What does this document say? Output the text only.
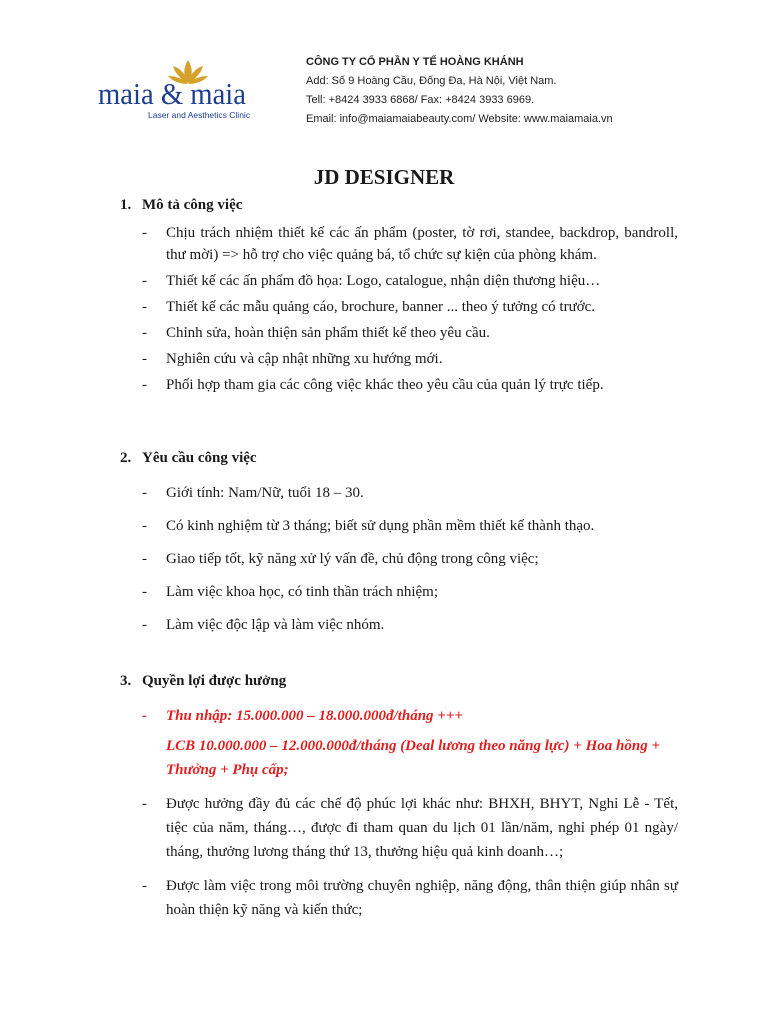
maia & maia
Laser and Aesthetics Clinic
CÔNG TY CỔ PHẦN Y TẾ HOÀNG KHÁNH
Add: Số 9 Hoàng Cầu, Đống Đa, Hà Nội, Việt Nam.
Tell: +8424 3933 6868/ Fax: +8424 3933 6969.
Email: info@maiamaiabeauty.com/ Website: www.maiamaia.vn
JD DESIGNER
1. Mô tả công việc
- Chịu trách nhiệm thiết kế các ấn phẩm (poster, tờ rơi, standee, backdrop, bandroll, thư mời) => hỗ trợ cho việc quảng bá, tổ chức sự kiện của phòng khám.
- Thiết kế các ấn phẩm đồ họa: Logo, catalogue, nhận diện thương hiệu…
- Thiết kế các mẫu quảng cáo, brochure, banner ... theo ý tưởng có trước.
- Chỉnh sửa, hoàn thiện sản phẩm thiết kế theo yêu cầu.
- Nghiên cứu và cập nhật những xu hướng mới.
- Phối hợp tham gia các công việc khác theo yêu cầu của quản lý trực tiếp.
2. Yêu cầu công việc
- Giới tính: Nam/Nữ, tuổi 18 – 30.
- Có kinh nghiệm từ 3 tháng; biết sử dụng phần mềm thiết kế thành thạo.
- Giao tiếp tốt, kỹ năng xử lý vấn đề, chủ động trong công việc;
- Làm việc khoa học, có tinh thần trách nhiệm;
- Làm việc độc lập và làm việc nhóm.
3. Quyền lợi được hưởng
- Thu nhập: 15.000.000 – 18.000.000đ/tháng +++
LCB 10.000.000 – 12.000.000đ/tháng (Deal lương theo năng lực) + Hoa hồng + Thưởng + Phụ cấp;
- Được hưởng đầy đủ các chế độ phúc lợi khác như: BHXH, BHYT, Nghỉ Lễ - Tết, tiệc của năm, tháng…, được đi tham quan du lịch 01 lần/năm, nghỉ phép 01 ngày/ tháng, thưởng lương tháng thứ 13, thưởng hiệu quả kinh doanh…;
- Được làm việc trong môi trường chuyên nghiệp, năng động, thân thiện giúp nhân sự hoàn thiện kỹ năng và kiến thức;
